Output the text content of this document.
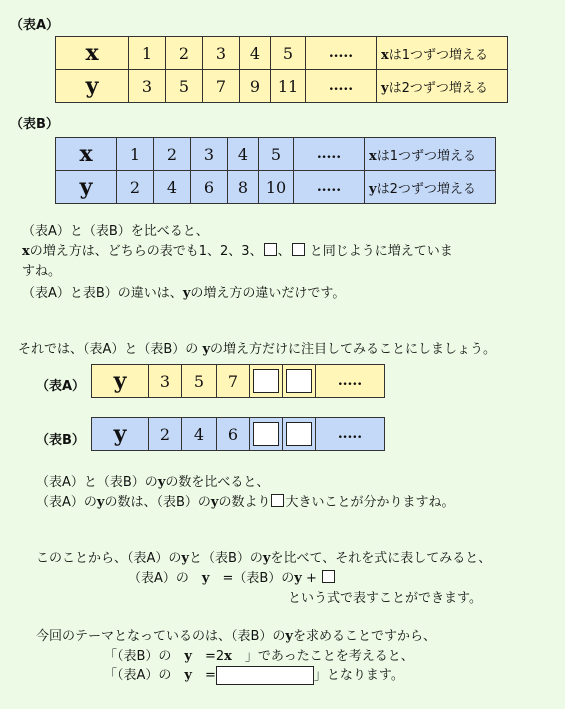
（表A）
x	1	2	3	4	5	.....	xは1つずつ増える
y	3	5	7	9	11	.....	yは2つずつ増える
（表B）
x	1	2	3	4	5	.....	xは1つずつ増える
y	2	4	6	8	10	.....	yは2つずつ増える
（表A）と（表B）を比べると、
xの増え方は、どちらの表でも1、2、3、 、 と同じように増えていま
すね。
（表A）と表B）の違いは、yの増え方の違いだけです。
それでは、（表A）と（表B）の yの増え方だけに注目してみることにしましょう。
（表A） y	3	5	7			.....
（表B） y	2	4	6			.....
（表A）と（表B）のyの数を比べると、
（表A）のyの数は、（表B）のyの数より 大きいことが分かりますね。
このことから、（表A）のyと（表B）のyを比べて、それを式に表してみると、
（表A）の　y　=（表B）のy +
という式で表すことができます。
今回のテーマとなっているのは、（表B）のyを求めることですから、
「（表B）の　y　=2x　」であったことを考えると、
「（表A）の　y　=	」となります。
